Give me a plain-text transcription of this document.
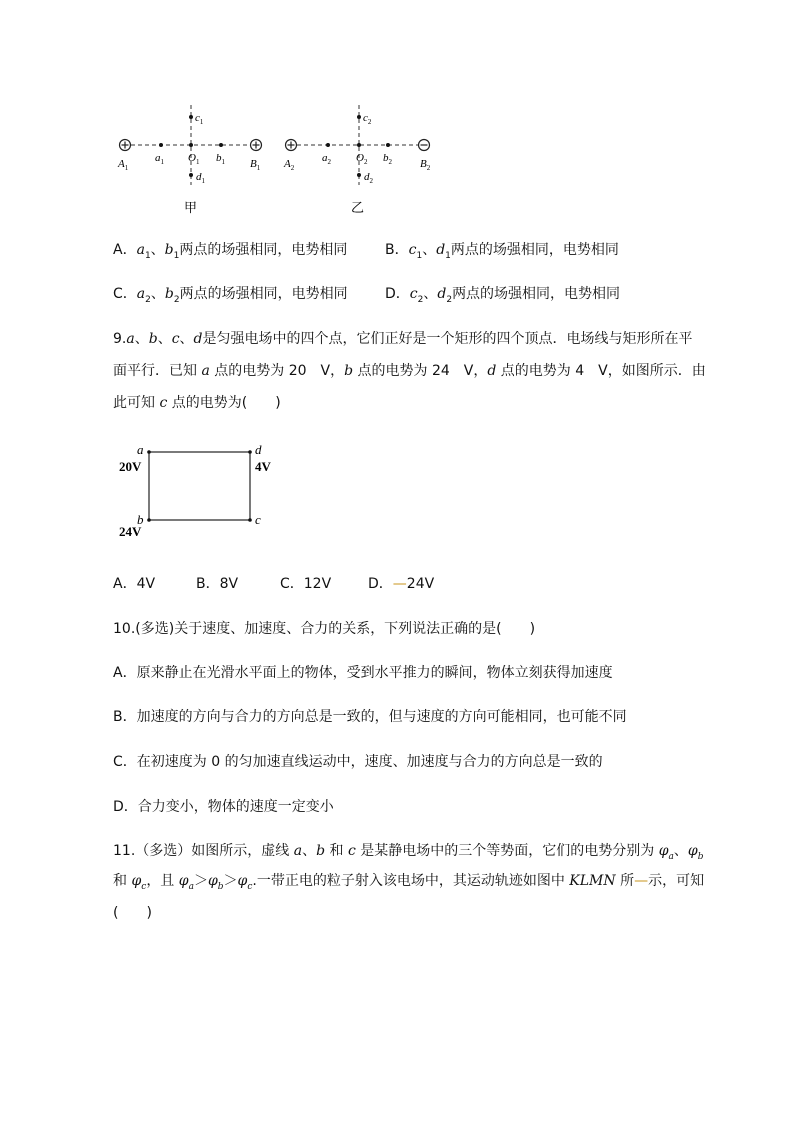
$c_1$
$a_1$ $O_1$ $b_1$
$d_1$
$A_1$	$B_1$
甲
$c_2$
$a_2$ $O_2$ $b_2$
$d_2$
$A_2$	$B_2$
乙
A．$a_1$、$b_1$两点的场强相同，电势相同	B．$c_1$、$d_1$两点的场强相同，电势相同
C．$a_2$、$b_2$两点的场强相同，电势相同	D．$c_2$、$d_2$两点的场强相同，电势相同
9.a、b、c、d是匀强电场中的四个点，它们正好是一个矩形的四个顶点．电场线与矩形所在平
面平行．已知 a 点的电势为 20　V，b 点的电势为 24　V，d 点的电势为 4　V，如图所示．由
此可知 c 点的电势为(　　)
a
20V
d
4V
b
24V
c
A．4V	B．8V	C．12V	D．—24V
10.(多选)关于速度、加速度、合力的关系，下列说法正确的是(　　)
A．原来静止在光滑水平面上的物体，受到水平推力的瞬间，物体立刻获得加速度
B．加速度的方向与合力的方向总是一致的，但与速度的方向可能相同，也可能不同
C．在初速度为 0 的匀加速直线运动中，速度、加速度与合力的方向总是一致的
D．合力变小，物体的速度一定变小
11.（多选）如图所示，虚线 a、b 和 c 是某静电场中的三个等势面，它们的电势分别为 $\varphi_a$、$\varphi_b$
和 $\varphi_c$，且 $\varphi_a>\varphi_b>\varphi_c$.一带正电的粒子射入该电场中，其运动轨迹如图中 KLMN 所—示，可知
(　　)
